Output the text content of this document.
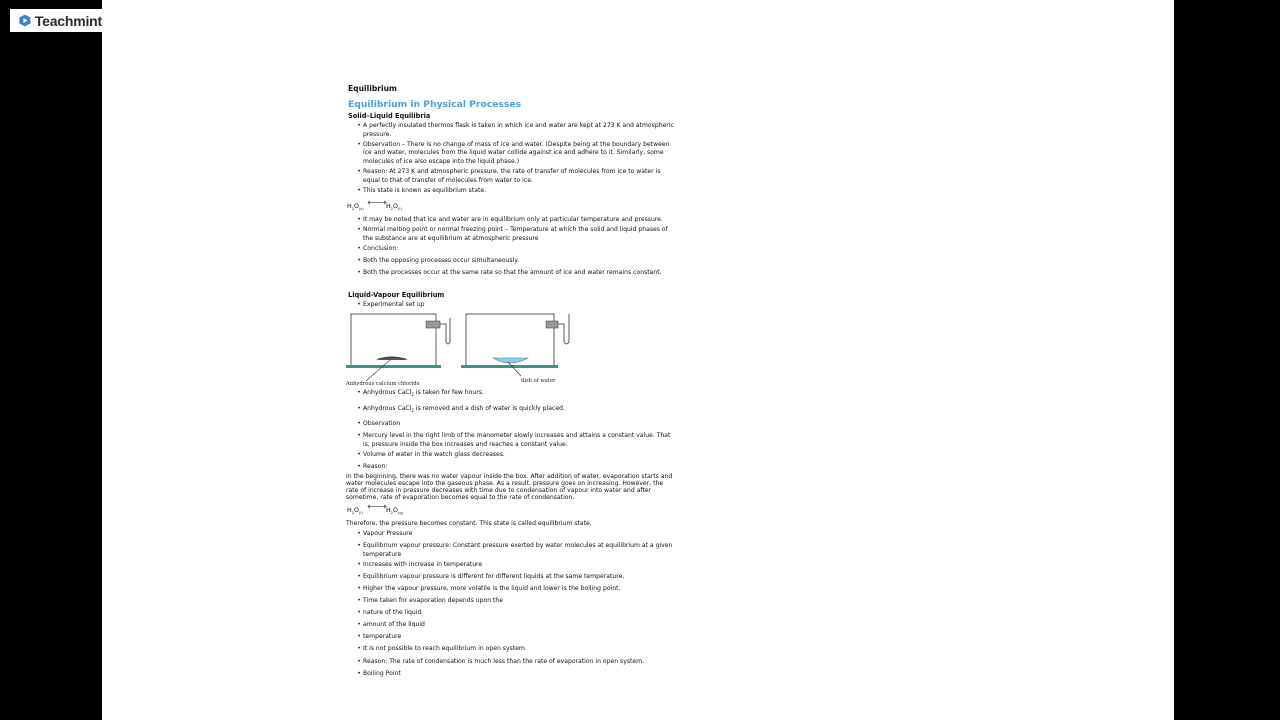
Teachmint
Equilibrium
Equilibrium in Physical Processes
Solid–Liquid Equilibria

• A perfectly insulated thermos flask is taken in which ice and water are kept at 273 K and atmospheric pressure.

• Observation – There is no change of mass of ice and water. (Despite being at the boundary between ice and water, molecules from the liquid water collide against ice and adhere to it. Similarly, some molecules of ice also escape into the liquid phase.)

• Reason: At 273 K and atmospheric pressure, the rate of transfer of molecules from ice to water is equal to that of transfer of molecules from water to ice.

• This state is known as equilibrium state.

$H_2O_{(s)}$	$H_2O_{(l)}$

• It may be noted that ice and water are in equilibrium only at particular temperature and pressure.

• Normal melting point or normal freezing point – Temperature at which the solid and liquid phases of the substance are at equilibrium at atmospheric pressure

• Conclusion:

• Both the opposing processes occur simultaneously.

• Both the processes occur at the same rate so that the amount of ice and water remains constant.

Liquid-Vapour Equilibrium

• Experimental set up

Anhydrous calcium chloride	dish of water

• Anhydrous CaCl$_2$ is taken for few hours.

• Anhydrous CaCl$_2$ is removed and a dish of water is quickly placed.

• Observation

• Mercury level in the right limb of the manometer slowly increases and attains a constant value. That is, pressure inside the box increases and reaches a constant value.

• Volume of water in the watch glass decreases.

• Reason:

In the beginning, there was no water vapour inside the box. After addition of water, evaporation starts and water molecules escape into the gaseous phase. As a result, pressure goes on increasing. However, the rate of increase in pressure decreases with time due to condensation of vapour into water and after sometime, rate of evaporation becomes equal to the rate of condensation.

$H_2O_{(l)}$	$H_2O_{(g)}$

Therefore, the pressure becomes constant. This state is called equilibrium state.

• Vapour Pressure

• Equilibrium vapour pressure: Constant pressure exerted by water molecules at equilibrium at a given temperature

• Increases with increase in temperature

• Equilibrium vapour pressure is different for different liquids at the same temperature.

• Higher the vapour pressure, more volatile is the liquid and lower is the boiling point.

• Time taken for evaporation depends upon the

• nature of the liquid

• amount of the liquid

• temperature

• It is not possible to reach equilibrium in open system.

• Reason: The rate of condensation is much less than the rate of evaporation in open system.

• Boiling Point
